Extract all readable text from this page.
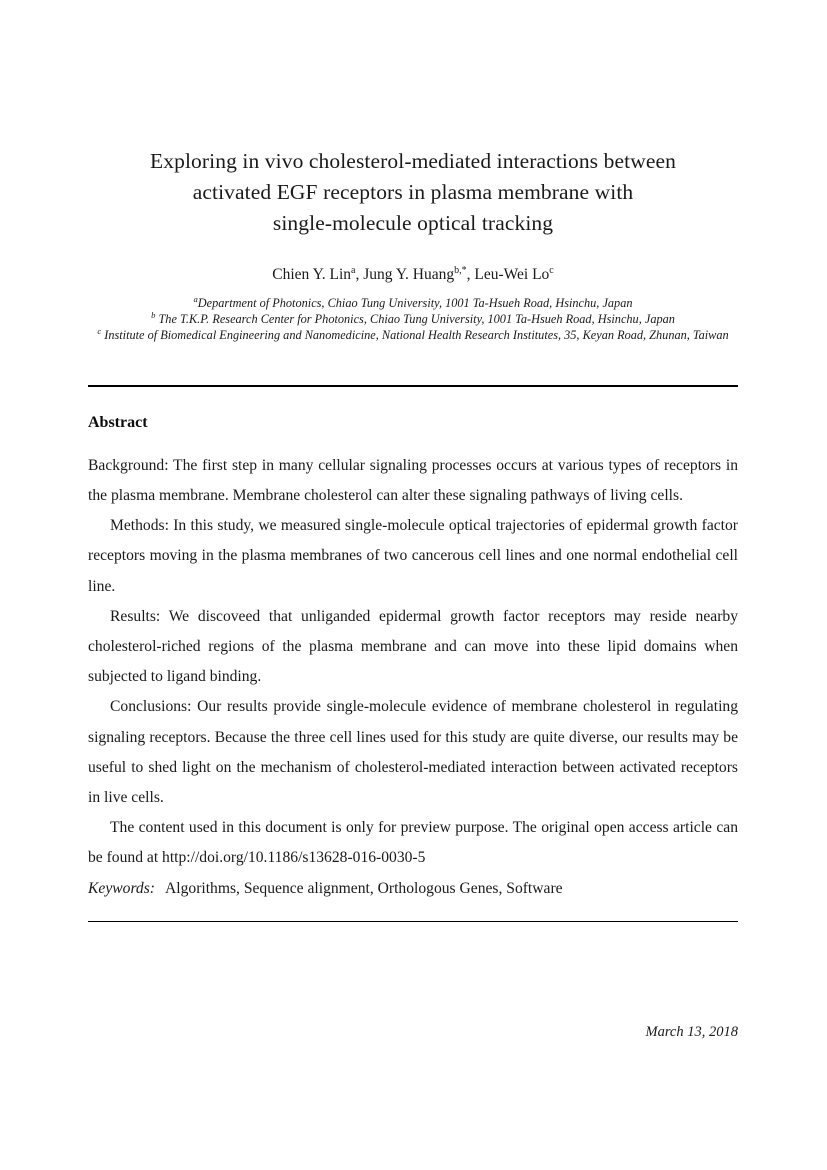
Exploring in vivo cholesterol-mediated interactions between
activated EGF receptors in plasma membrane with
single-molecule optical tracking
Chien Y. Lin$^a$, Jung Y. Huang$^{b,*}$, Leu-Wei Lo$^c$
$^a$Department of Photonics, Chiao Tung University, 1001 Ta-Hsueh Road, Hsinchu, Japan
$^b$ The T.K.P. Research Center for Photonics, Chiao Tung University, 1001 Ta-Hsueh Road, Hsinchu, Japan
$^c$ Institute of Biomedical Engineering and Nanomedicine, National Health Research Institutes, 35, Keyan Road, Zhunan, Taiwan
Abstract

Background: The first step in many cellular signaling processes occurs at various types of receptors in the plasma membrane. Membrane cholesterol can alter these signaling pathways of living cells.

Methods: In this study, we measured single-molecule optical trajectories of epidermal growth factor receptors moving in the plasma membranes of two cancerous cell lines and one normal endothelial cell line.

Results: We discoveed that unliganded epidermal growth factor receptors may reside nearby cholesterol-riched regions of the plasma membrane and can move into these lipid domains when subjected to ligand binding.

Conclusions: Our results provide single-molecule evidence of membrane cholesterol in regulating signaling receptors. Because the three cell lines used for this study are quite diverse, our results may be useful to shed light on the mechanism of cholesterol-mediated interaction between activated receptors in live cells.

The content used in this document is only for preview purpose. The original open access article can be found at http://doi.org/10.1186/s13628-016-0030-5

Keywords: Algorithms, Sequence alignment, Orthologous Genes, Software

March 13, 2018
